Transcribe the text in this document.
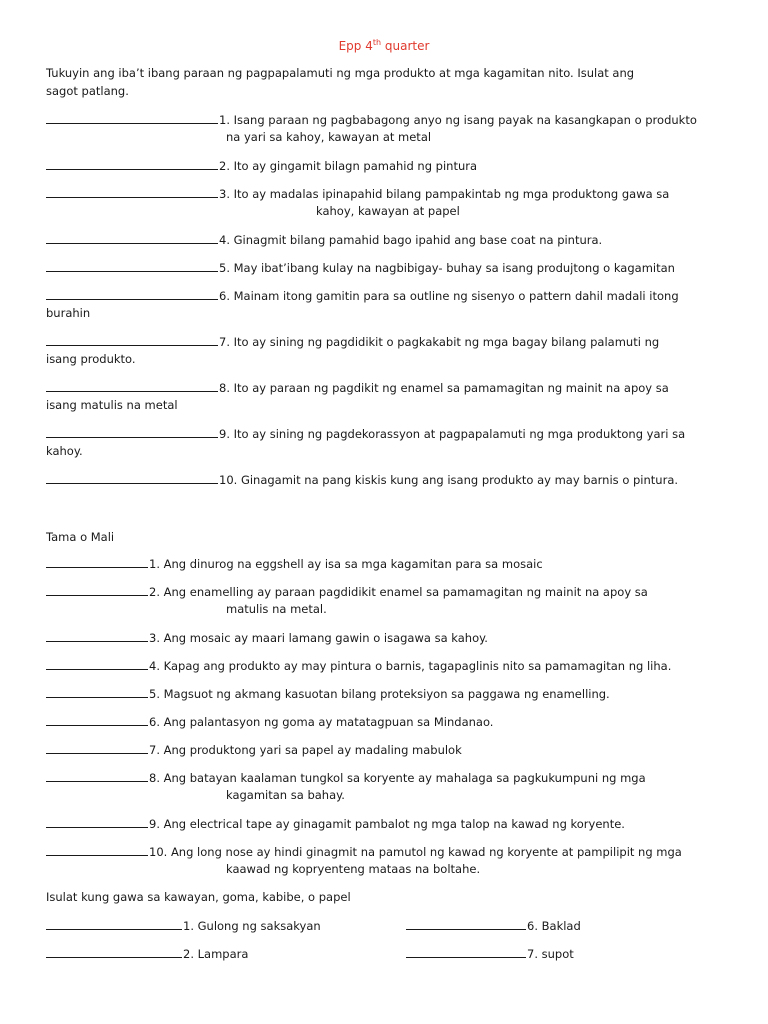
Epp 4th quarter
Tukuyin ang iba’t ibang paraan ng pagpapalamuti ng mga produkto at mga kagamitan nito. Isulat ang
sagot patlang.
1. Isang paraan ng pagbabagong anyo ng isang payak na kasangkapan o produkto
na yari sa kahoy, kawayan at metal
2. Ito ay gingamit bilagn pamahid ng pintura
3. Ito ay madalas ipinapahid bilang pampakintab ng mga produktong gawa sa
kahoy, kawayan at papel
4. Ginagmit bilang pamahid bago ipahid ang base coat na pintura.
5. May ibat’ibang kulay na nagbibigay- buhay sa isang produjtong o kagamitan
6. Mainam itong gamitin para sa outline ng sisenyo o pattern dahil madali itong
burahin
7. Ito ay sining ng pagdidikit o pagkakabit ng mga bagay bilang palamuti ng
isang produkto.
8. Ito ay paraan ng pagdikit ng enamel sa pamamagitan ng mainit na apoy sa
isang matulis na metal
9. Ito ay sining ng pagdekorassyon at pagpapalamuti ng mga produktong yari sa
kahoy.
10. Ginagamit na pang kiskis kung ang isang produkto ay may barnis o pintura.
Tama o Mali
1. Ang dinurog na eggshell ay isa sa mga kagamitan para sa mosaic
2. Ang enamelling ay paraan pagdidikit enamel sa pamamagitan ng mainit na apoy sa
matulis na metal.
3. Ang mosaic ay maari lamang gawin o isagawa sa kahoy.
4. Kapag ang produkto ay may pintura o barnis, tagapaglinis nito sa pamamagitan ng liha.
5. Magsuot ng akmang kasuotan bilang proteksiyon sa paggawa ng enamelling.
6. Ang palantasyon ng goma ay matatagpuan sa Mindanao.
7. Ang produktong yari sa papel ay madaling mabulok
8. Ang batayan kaalaman tungkol sa koryente ay mahalaga sa pagkukumpuni ng mga
kagamitan sa bahay.
9. Ang electrical tape ay ginagamit pambalot ng mga talop na kawad ng koryente.
10. Ang long nose ay hindi ginagmit na pamutol ng kawad ng koryente at pampilipit ng mga
kaawad ng kopryenteng mataas na boltahe.
Isulat kung gawa sa kawayan, goma, kabibe, o papel
1. Gulong ng saksakyan	6. Baklad
2. Lampara	7. supot
